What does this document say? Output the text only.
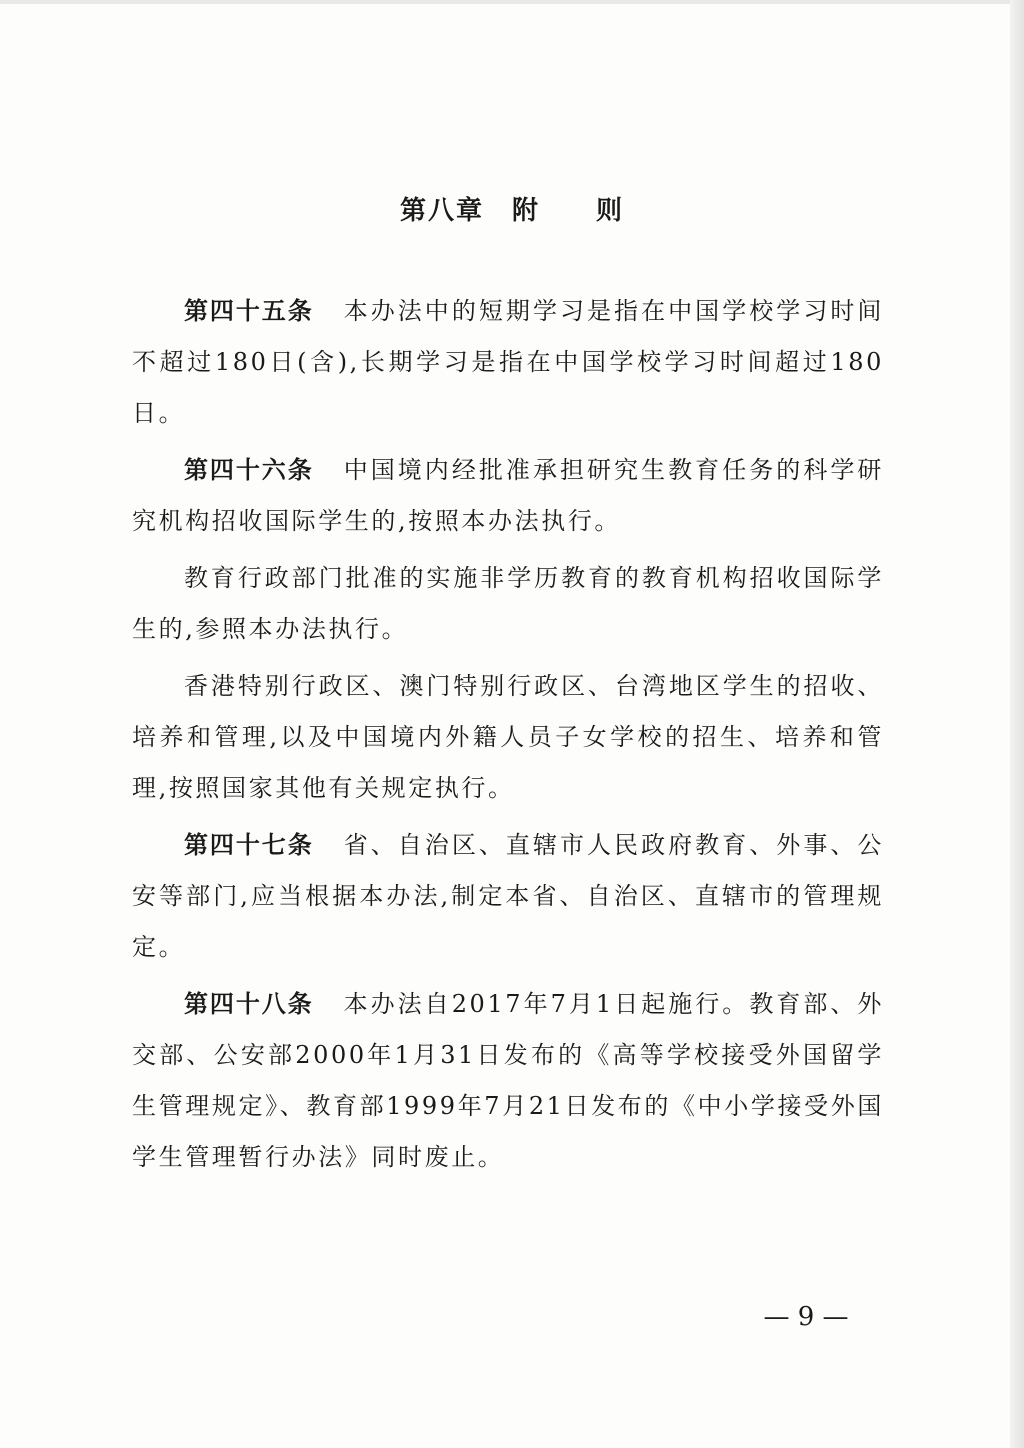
第八章　附　　则

第四十五条 本办法中的短期学习是指在中国学校学习时间不超过180日(含),长期学习是指在中国学校学习时间超过180日。

第四十六条 中国境内经批准承担研究生教育任务的科学研究机构招收国际学生的,按照本办法执行。

教育行政部门批准的实施非学历教育的教育机构招收国际学生的,参照本办法执行。

香港特别行政区、澳门特别行政区、台湾地区学生的招收、培养和管理,以及中国境内外籍人员子女学校的招生、培养和管理,按照国家其他有关规定执行。

第四十七条 省、自治区、直辖市人民政府教育、外事、公安等部门,应当根据本办法,制定本省、自治区、直辖市的管理规定。

第四十八条 本办法自2017年7月1日起施行。教育部、外交部、公安部2000年1月31日发布的《高等学校接受外国留学生管理规定》、教育部1999年7月21日发布的《中小学接受外国学生管理暂行办法》同时废止。

— 9 —
